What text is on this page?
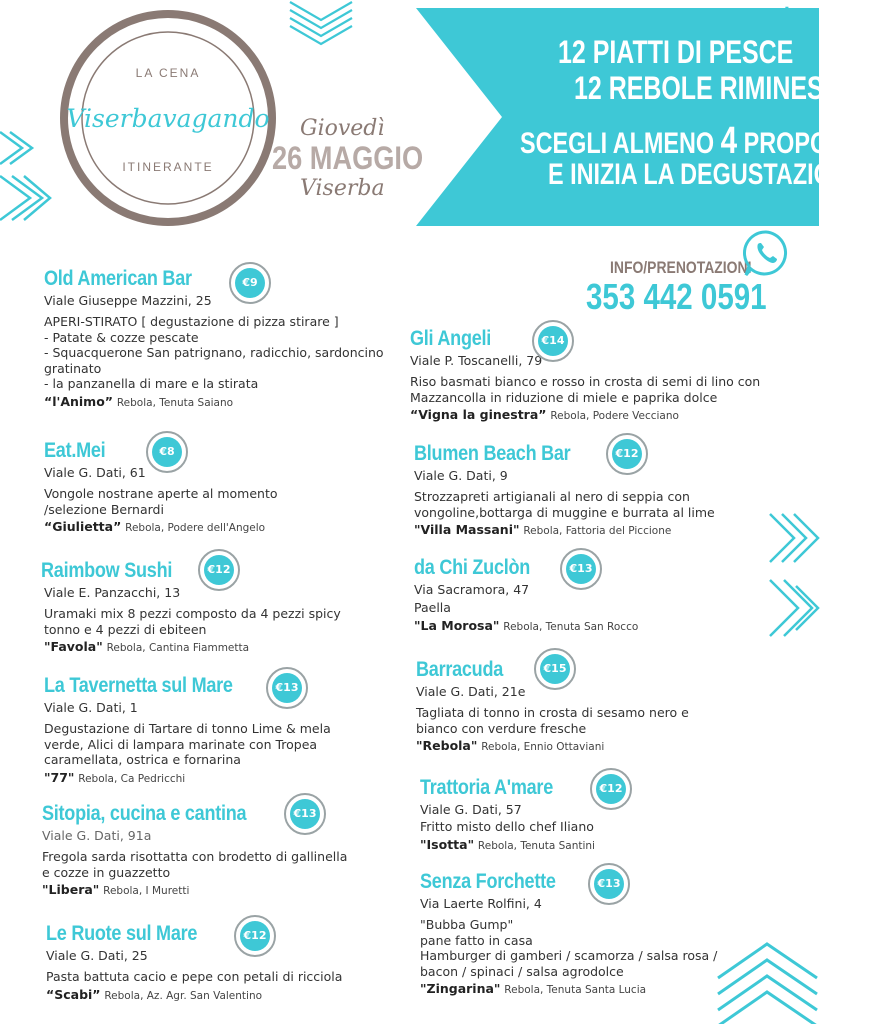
LA CENA
Viserbavagando
ITINERANTE
Giovedì
26 MAGGIO
Viserba
+
12 PIATTI DI PESCE
12 REBOLE RIMINESI
SCEGLI ALMENO 4 PROPOSTE
E INIZIA LA DEGUSTAZIONE
INFO/PRENOTAZIONI
353 442 0591
Old American Bar
Viale Giuseppe Mazzini, 25
APERI-STIRATO [ degustazione di pizza stirare ]
- Patate & cozze pescate
- Squacquerone San patrignano, radicchio, sardoncino
gratinato
- la panzanella di mare e la stirata
“l'Animo” Rebola, Tenuta Saiano
€9
Eat.Mei
Viale G. Dati, 61
Vongole nostrane aperte al momento
/selezione Bernardi
“Giulietta” Rebola, Podere dell'Angelo
€8
Raimbow Sushi
Viale E. Panzacchi, 13
Uramaki mix 8 pezzi composto da 4 pezzi spicy
tonno e 4 pezzi di ebiteen
"Favola" Rebola, Cantina Fiammetta
€12
La Tavernetta sul Mare
Viale G. Dati, 1
Degustazione di Tartare di tonno Lime & mela
verde, Alici di lampara marinate con Tropea
caramellata, ostrica e fornarina
"77" Rebola, Ca Pedricchi
€13
Sitopia, cucina e cantina
Viale G. Dati, 91a
Fregola sarda risottatta con brodetto di gallinella
e cozze in guazzetto
"Libera" Rebola, I Muretti
€13
Le Ruote sul Mare
Viale G. Dati, 25
Pasta battuta cacio e pepe con petali di ricciola
“Scabi” Rebola, Az. Agr. San Valentino
€12
Gli Angeli
Viale P. Toscanelli, 79
Riso basmati bianco e rosso in crosta di semi di lino con
Mazzancolla in riduzione di miele e paprika dolce
“Vigna la ginestra” Rebola, Podere Vecciano
€14
Blumen Beach Bar
Viale G. Dati, 9
Strozzapreti artigianali al nero di seppia con
vongoline,bottarga di muggine e burrata al lime
"Villa Massani" Rebola, Fattoria del Piccione
€12
da Chi Zuclòn
Via Sacramora, 47
Paella
"La Morosa" Rebola, Tenuta San Rocco
€13
Barracuda
Viale G. Dati, 21e
Tagliata di tonno in crosta di sesamo nero e
bianco con verdure fresche
"Rebola" Rebola, Ennio Ottaviani
€15
Trattoria A'mare
Viale G. Dati, 57
Fritto misto dello chef Iliano
"Isotta" Rebola, Tenuta Santini
€12
Senza Forchette
Via Laerte Rolfini, 4
"Bubba Gump"
pane fatto in casa
Hamburger di gamberi / scamorza / salsa rosa /
bacon / spinaci / salsa agrodolce
"Zingarina" Rebola, Tenuta Santa Lucia
€13
